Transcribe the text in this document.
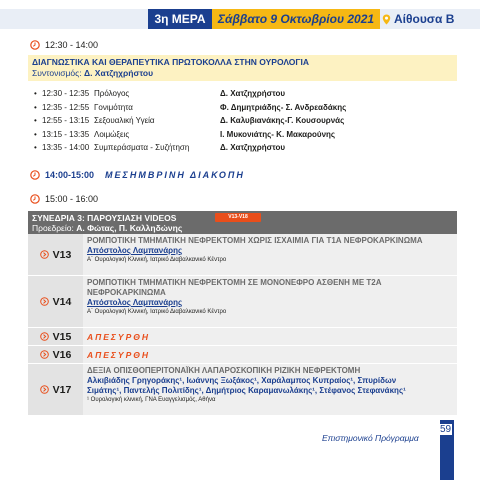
3η ΜΕΡΑ	Σάββατο 9 Οκτωβρίου 2021	Αίθουσα Β
12:30 - 14:00
ΔΙΑΓΝΩΣΤΙΚΑ ΚΑΙ ΘΕΡΑΠΕΥΤΙΚΑ ΠΡΩΤΟΚΟΛΛΑ ΣΤΗΝ ΟΥΡΟΛΟΓΙΑ
Συντονισμός: Δ. Χατζηχρήστου
• 12:30 - 12:35 Πρόλογος	Δ. Χατζηχρήστου
• 12:35 - 12:55 Γονιμότητα	Φ. Δημητριάδης- Σ. Ανδρεαδάκης
• 12:55 - 13:15 Σεξουαλική Υγεία	Δ. Καλυβιανάκης-Γ. Κουσουρνάς
• 13:15 - 13:35 Λοιμώξεις	Ι. Μυκονιάτης- Κ. Μακαρούνης
• 13:35 - 14:00 Συμπεράσματα - Συζήτηση	Δ. Χατζηχρήστου
14:00-15:00 ΜΕΣΗΜΒΡΙΝΗ ΔΙΑΚΟΠΗ
15:00 - 16:00
ΣΥΝΕΔΡΙΑ 3: ΠΑΡΟΥΣΙΑΣΗ VIDEOS	V13-V18
Προεδρείο: Α. Φώτας, Π. Καλληδώνης
V13
ΡΟΜΠΟΤΙΚΗ ΤΜΗΜΑΤΙΚΗ ΝΕΦΡΕΚΤΟΜΗ ΧΩΡΙΣ ΙΣΧΑΙΜΙΑ ΓΙΑ Τ1Α ΝΕΦΡΟΚΑΡΚΙΝΩΜΑ
Απόστολος Λαμπανάρης
Α΄ Ουρολογική Κλινική, Ιατρικό Διαβαλκανικό Κέντρο
V14
ΡΟΜΠΟΤΙΚΗ ΤΜΗΜΑΤΙΚΗ ΝΕΦΡΕΚΤΟΜΗ ΣΕ ΜΟΝΟΝΕΦΡΟ ΑΣΘΕΝΗ ΜΕ Τ2Α ΝΕΦΡΟΚΑΡΚΙΝΩΜΑ
Απόστολος Λαμπανάρης
Α΄ Ουρολογική Κλινική, Ιατρικό Διαβαλκανικό Κέντρο
V15 ΑΠΕΣΥΡΘΗ
V16 ΑΠΕΣΥΡΘΗ
V17
ΔΕΞΙΑ ΟΠΙΣΘΟΠΕΡΙΤΟΝΑΪΚΗ ΛΑΠΑΡΟΣΚΟΠΙΚΗ ΡΙΖΙΚΗ ΝΕΦΡΕΚΤΟΜΗ
Αλκιβιάδης Γρηγοράκης¹, Ιωάννης Ξωξάκος¹, Χαράλαμπος Κυπραίος¹, Σπυρίδων
Σιμάτης¹, Παντελής Πολιτίδης¹, Δημήτριος Καραμανωλάκης¹, Στέφανος Στεφανάκης¹
¹ Ουρολογική κλινική, ΓΝΑ Ευαγγελισμός, Αθήνα
59
Επιστημονικό Πρόγραμμα
